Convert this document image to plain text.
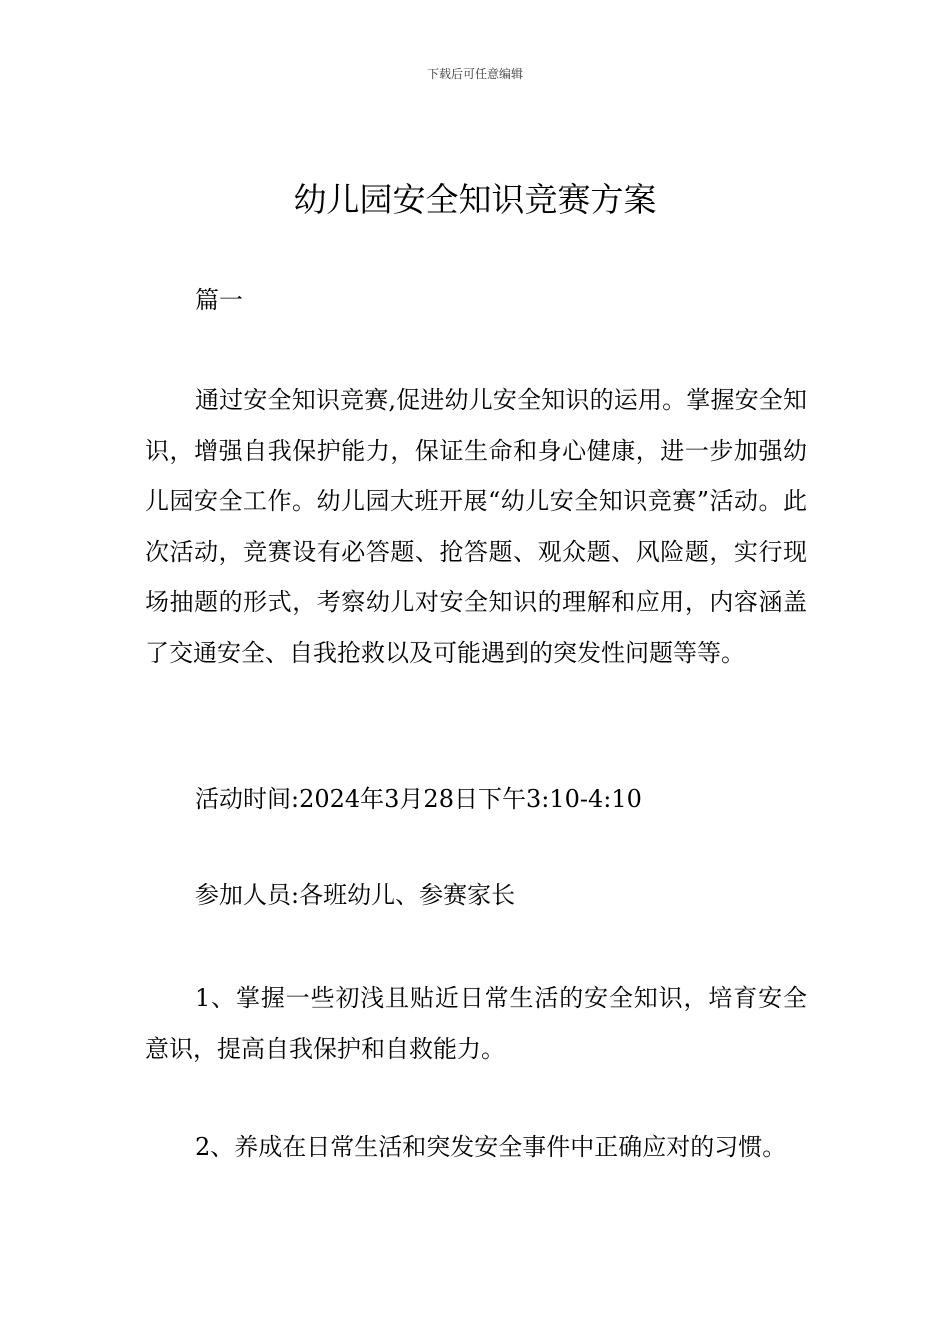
下载后可任意编辑
幼儿园安全知识竞赛方案

篇一

通过安全知识竞赛,促进幼儿安全知识的运用。掌握安全知识，增强自我保护能力，保证生命和身心健康，进一步加强幼儿园安全工作。幼儿园大班开展“幼儿安全知识竞赛”活动。此次活动，竞赛设有必答题、抢答题、观众题、风险题，实行现场抽题的形式，考察幼儿对安全知识的理解和应用，内容涵盖了交通安全、自我抢救以及可能遇到的突发性问题等等。

活动时间:2024年3月28日下午3:10-4:10

参加人员:各班幼儿、参赛家长

1、掌握一些初浅且贴近日常生活的安全知识，培育安全意识，提高自我保护和自救能力。

2、养成在日常生活和突发安全事件中正确应对的习惯。
